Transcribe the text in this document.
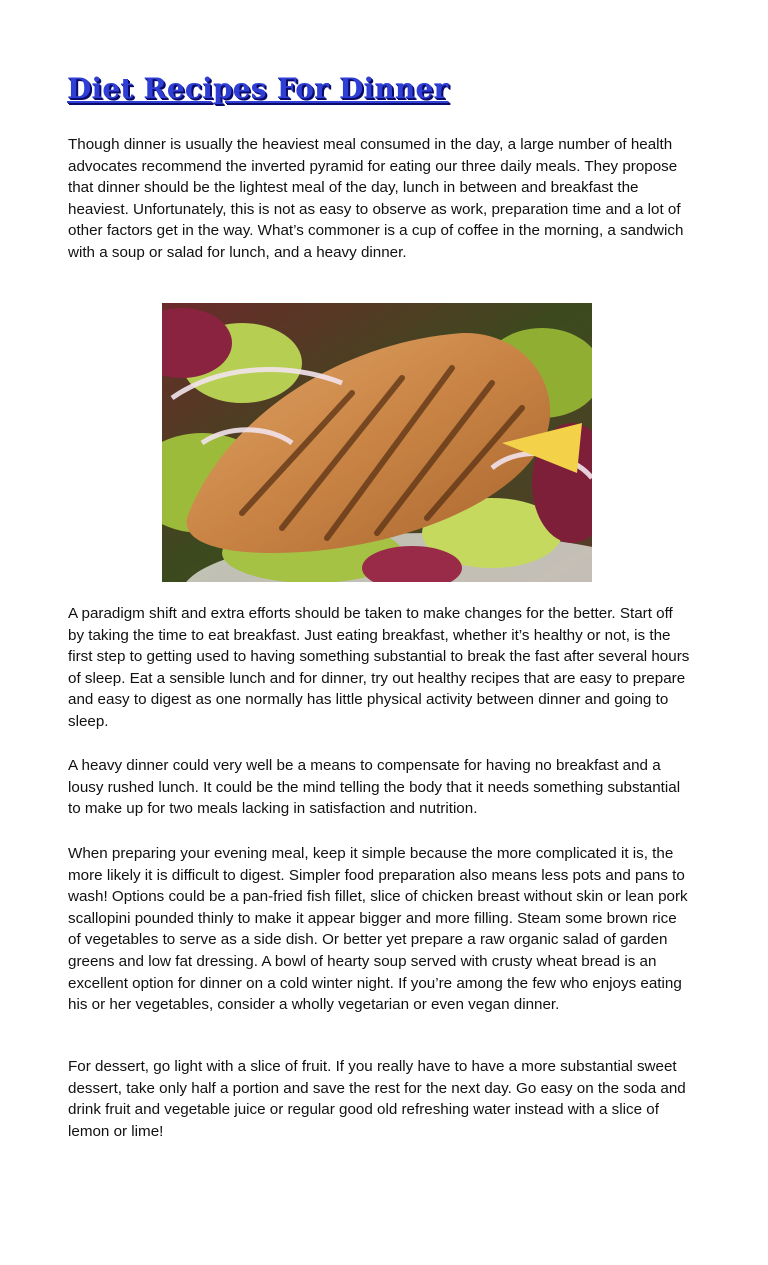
Diet Recipes For Dinner

Though dinner is usually the heaviest meal consumed in the day, a large number of health advocates recommend the inverted pyramid for eating our three daily meals. They propose that dinner should be the lightest meal of the day, lunch in between and breakfast the heaviest. Unfortunately, this is not as easy to observe as work, preparation time and a lot of other factors get in the way. What’s commoner is a cup of coffee in the morning, a sandwich with a soup or salad for lunch, and a heavy dinner.

A paradigm shift and extra efforts should be taken to make changes for the better. Start off by taking the time to eat breakfast. Just eating breakfast, whether it’s healthy or not, is the first step to getting used to having something substantial to break the fast after several hours of sleep. Eat a sensible lunch and for dinner, try out healthy recipes that are easy to prepare and easy to digest as one normally has little physical activity between dinner and going to sleep.

A heavy dinner could very well be a means to compensate for having no breakfast and a lousy rushed lunch. It could be the mind telling the body that it needs something substantial to make up for two meals lacking in satisfaction and nutrition.

When preparing your evening meal, keep it simple because the more complicated it is, the more likely it is difficult to digest. Simpler food preparation also means less pots and pans to wash! Options could be a pan-fried fish fillet, slice of chicken breast without skin or lean pork scallopini pounded thinly to make it appear bigger and more filling. Steam some brown rice of vegetables to serve as a side dish. Or better yet prepare a raw organic salad of garden greens and low fat dressing. A bowl of hearty soup served with crusty wheat bread is an excellent option for dinner on a cold winter night. If you’re among the few who enjoys eating his or her vegetables, consider a wholly vegetarian or even vegan dinner.

For dessert, go light with a slice of fruit. If you really have to have a more substantial sweet dessert, take only half a portion and save the rest for the next day. Go easy on the soda and drink fruit and vegetable juice or regular good old refreshing water instead with a slice of lemon or lime!
